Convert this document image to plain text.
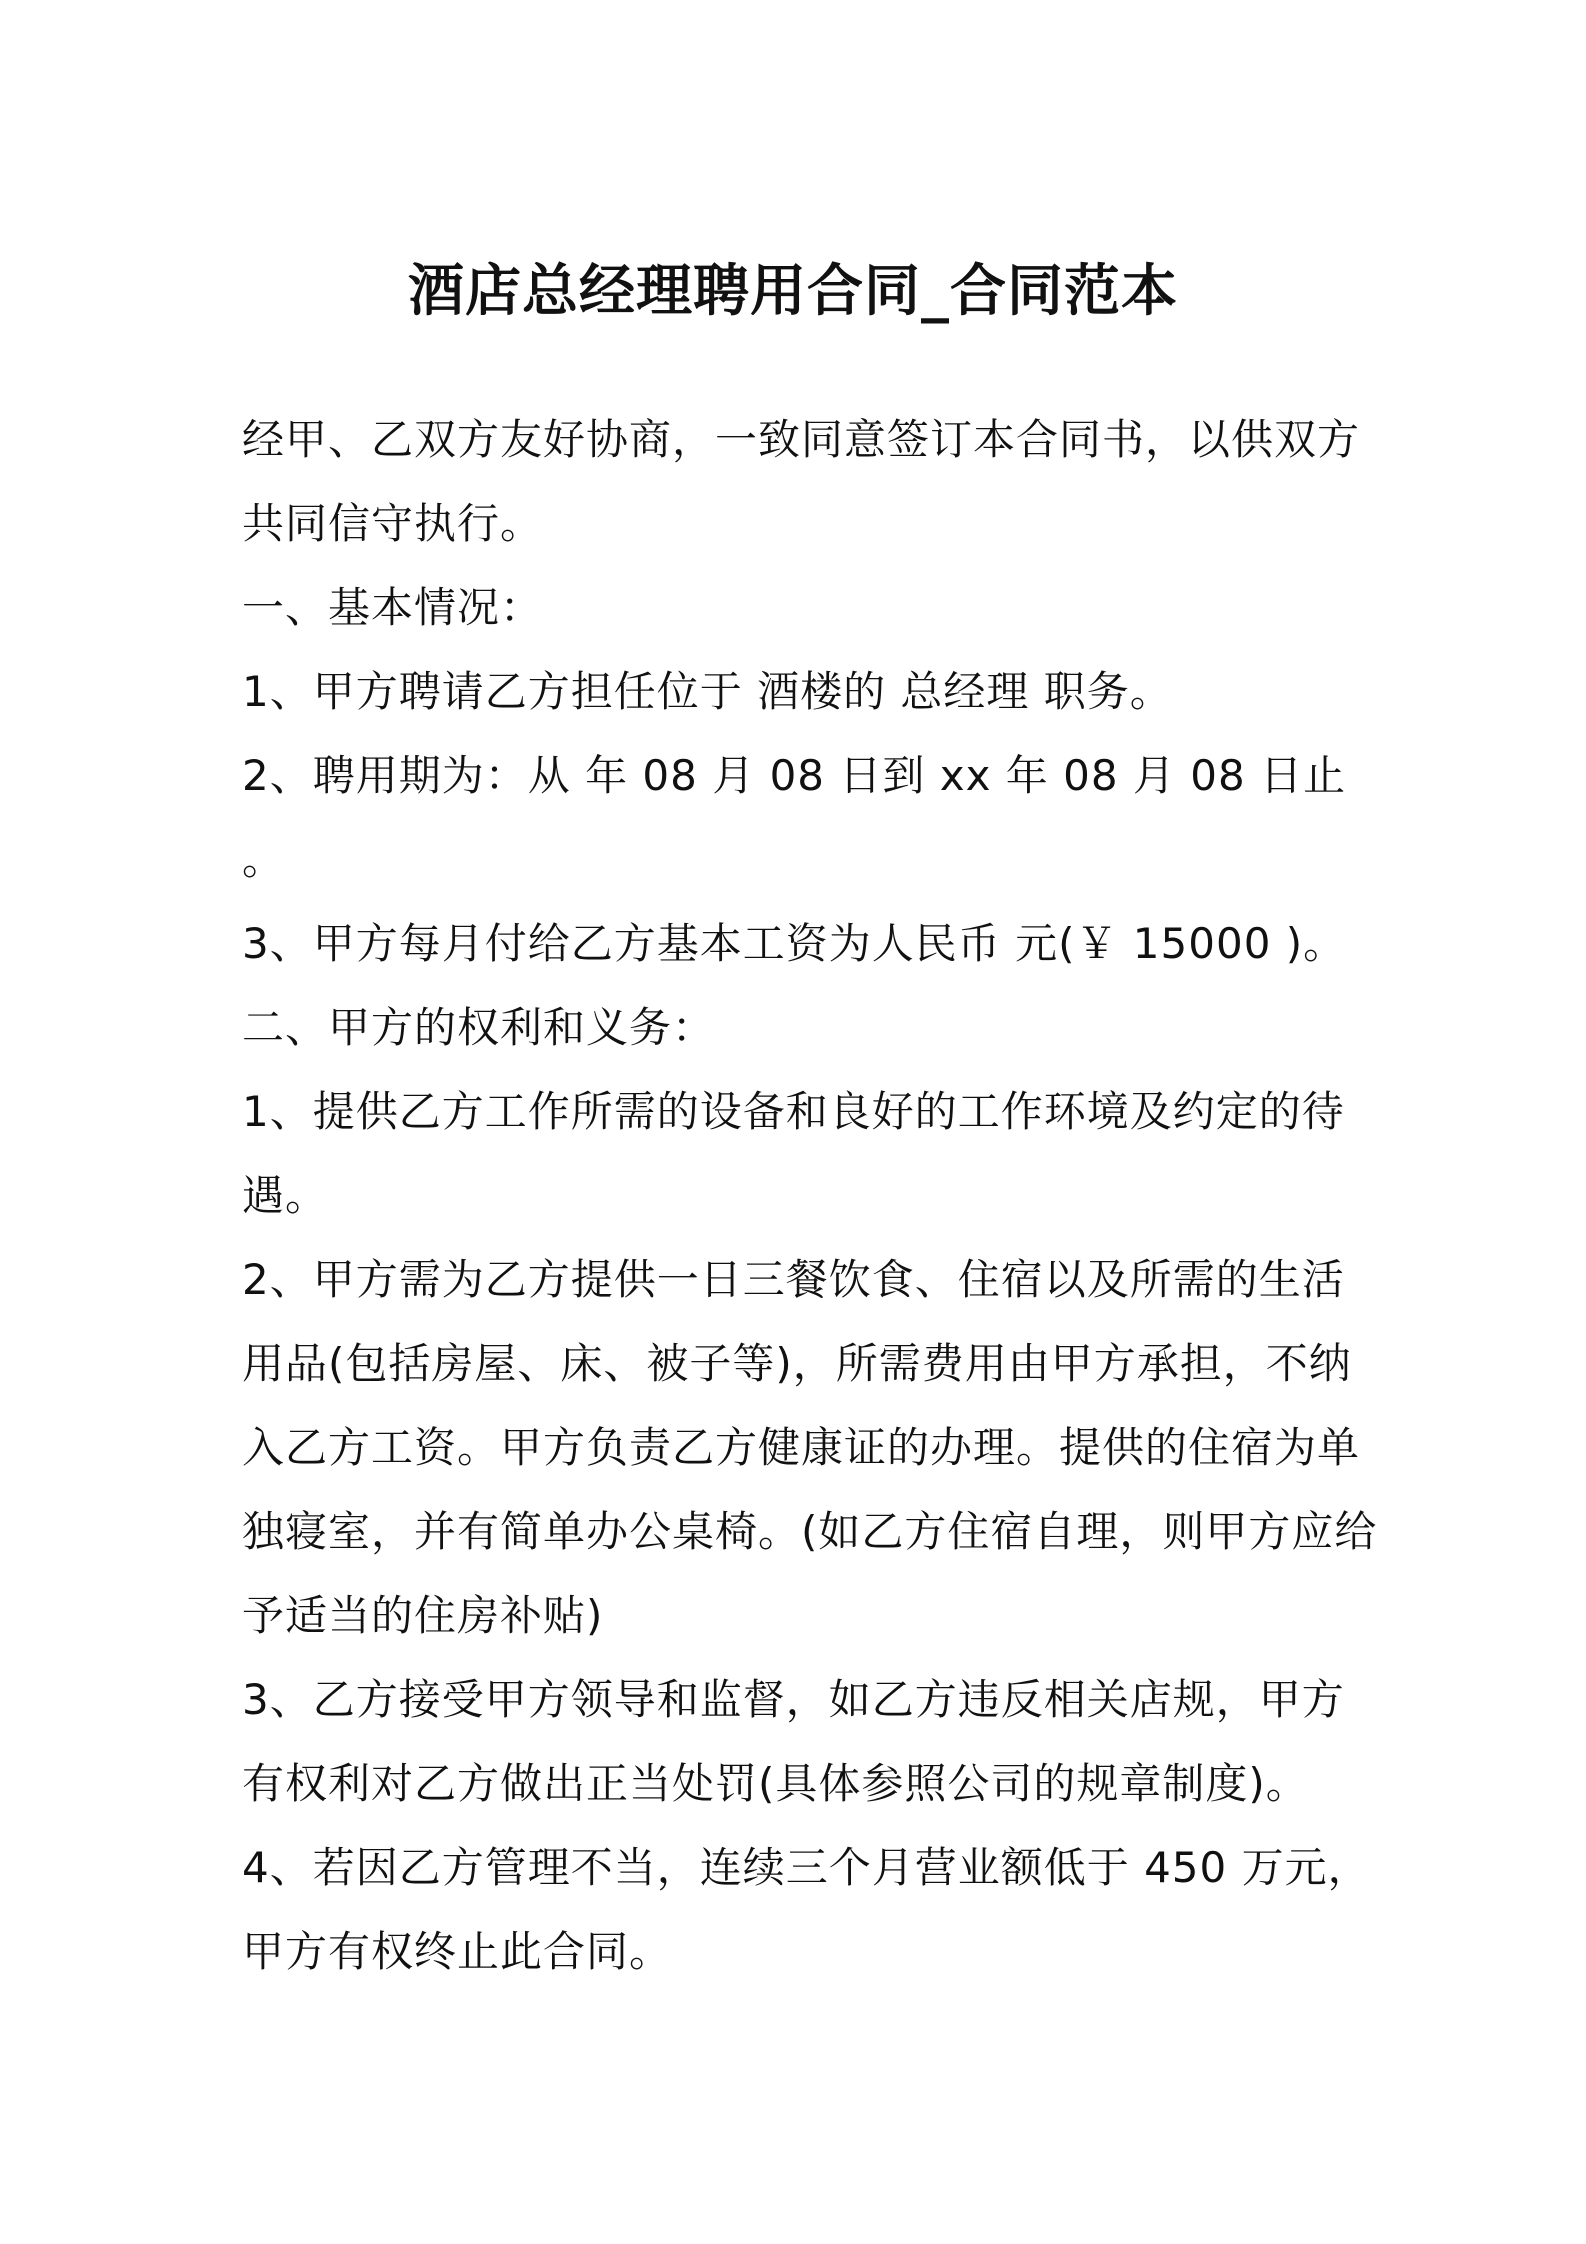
酒店总经理聘用合同_合同范本
经甲、乙双方友好协商，一致同意签订本合同书，以供双方
共同信守执行。
一、基本情况：
1、甲方聘请乙方担任位于 酒楼的 总经理 职务。
2、聘用期为：从 年 08 月 08 日到 xx 年 08 月 08 日止
。
3、甲方每月付给乙方基本工资为人民币 元(￥ 15000 )。
二、甲方的权利和义务：
1、提供乙方工作所需的设备和良好的工作环境及约定的待
遇。
2、甲方需为乙方提供一日三餐饮食、住宿以及所需的生活
用品(包括房屋、床、被子等)，所需费用由甲方承担，不纳
入乙方工资。甲方负责乙方健康证的办理。提供的住宿为单
独寝室，并有简单办公桌椅。(如乙方住宿自理，则甲方应给
予适当的住房补贴)
3、乙方接受甲方领导和监督，如乙方违反相关店规，甲方
有权利对乙方做出正当处罚(具体参照公司的规章制度)。
4、若因乙方管理不当，连续三个月营业额低于 450 万元，
甲方有权终止此合同。
